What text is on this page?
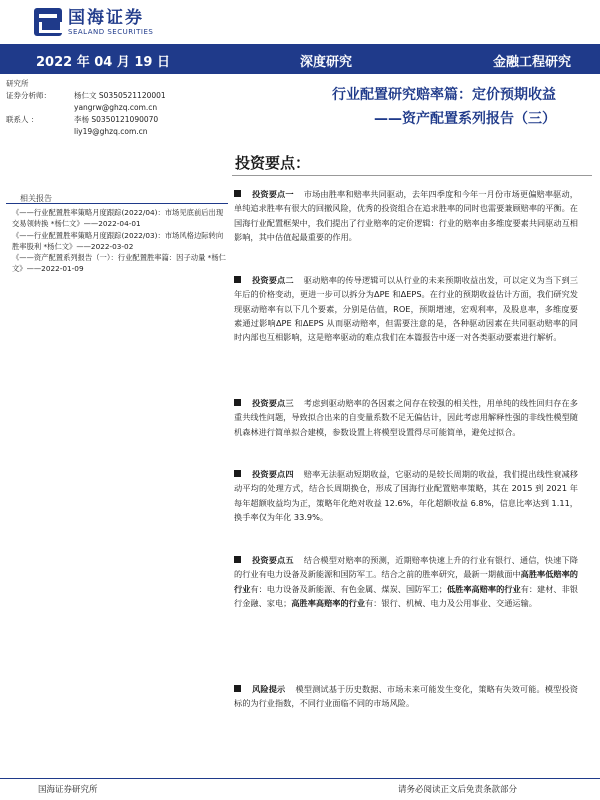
国海证券
SEALAND SECURITIES
2022 年 04 月 19 日	深度研究	金融工程研究
研究所
证券分析师：	杨仁文 S0350521120001
yangrw@ghzq.com.cn
联系人 ：	李杨 S0350121090070
liy19@ghzq.com.cn
相关报告
《——行业配置胜率策略月度跟踪(2022/04)：市场见底前后出现交易领转换 *杨仁文》——2022-04-01
《——行业配置胜率策略月度跟踪(2022/03)：市场风格边际转向胜率股利 *杨仁文》——2022-03-02
《——资产配置系列报告（一）：行业配置胜率篇：因子动量 *杨仁文》——2022-01-09
行业配置研究赔率篇：定价预期收益
——资产配置系列报告（三）
投资要点：
投资要点一 市场由胜率和赔率共同驱动，去年四季度和今年一月份市场更偏赔率驱动，单纯追求胜率有很大的回撤风险，优秀的投资组合在追求胜率的同时也需要兼顾赔率的平衡。在国海行业配置框架中，我们提出了行业赔率的定价逻辑：行业的赔率由多维度要素共同驱动互相影响，其中估值起最重要的作用。
投资要点二 驱动赔率的传导逻辑可以从行业的未来预期收益出发，可以定义为当下到三年后的价格变动，更进一步可以拆分为ΔPE 和ΔEPS。在行业的预期收益估计方面，我们研究发现驱动赔率有以下几个要素，分别是估值，ROE，预期增速，宏观利率，及股息率，多维度要素通过影响ΔPE 和ΔEPS 从而驱动赔率，但需要注意的是，各种驱动因素在共同驱动赔率的同时内部也互相影响，这是赔率驱动的难点我们在本篇报告中逐一对各类驱动要素进行解析。
投资要点三 考虑到驱动赔率的各因素之间存在较强的相关性，用单纯的线性回归存在多重共线性问题，导致拟合出来的自变量系数不足无偏估计，因此考虑用解释性强的非线性模型随机森林进行简单拟合建模，参数设置上将模型设置得尽可能简单，避免过拟合。
投资要点四 赔率无法驱动短期收益，它驱动的是较长周期的收益，我们提出线性衰减移动平均的处理方式，结合长周期换仓，形成了国海行业配置赔率策略，其在 2015 到 2021 年每年超额收益均为正，策略年化绝对收益 12.6%，年化超额收益 6.8%，信息比率达到 1.11，换手率仅为年化 33.9%。
投资要点五 结合模型对赔率的预测，近期赔率快速上升的行业有银行、通信，快速下降的行业有电力设备及新能源和国防军工。结合之前的胜率研究，最新一期截面中高胜率低赔率的行业有：电力设备及新能源、有色金属、煤炭、国防军工；低胜率高赔率的行业有：建材、非银行金融、家电；高胜率高赔率的行业有：银行、机械、电力及公用事业、交通运输。
风险提示 模型测试基于历史数据、市场未来可能发生变化，策略有失效可能。模型投资标的为行业指数，不同行业面临不同的市场风险。
国海证券研究所	请务必阅读正文后免责条款部分
